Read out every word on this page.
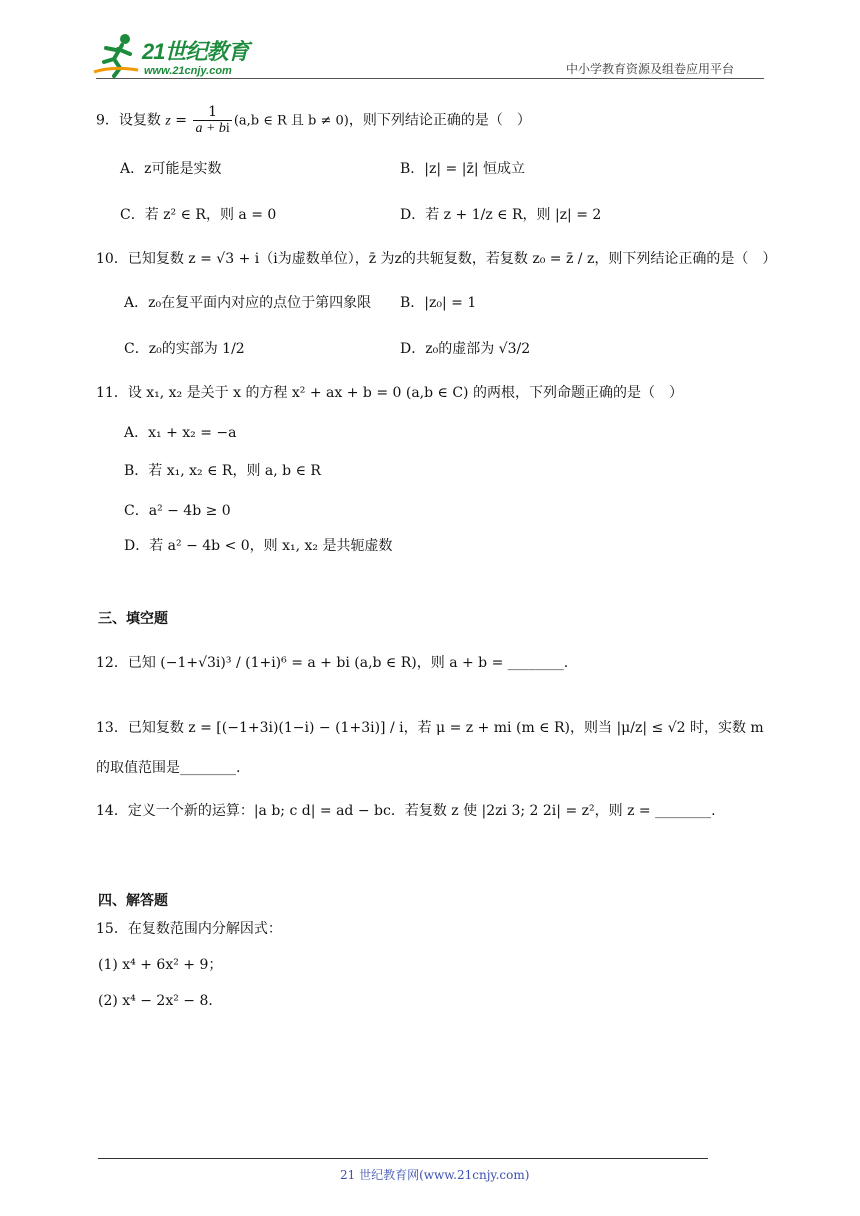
21世纪教育
www.21cnjy.com	中小学教育资源及组卷应用平台
9．设复数 $z = \frac{1}{a + bi} (a,b$ ∈ R 且 b ≠ 0)，则下列结论正确的是（　）
A．z可能是实数	B．|z| = |z̄| 恒成立
C．若 z² ∈ R，则 a = 0	D．若 z + 1/z ∈ R，则 |z| = 2
10．已知复数 z = √3 + i（i为虚数单位），z̄ 为z的共轭复数，若复数 z₀ = z̄ / z，则下列结论正确的是（　）
A．z₀在复平面内对应的点位于第四象限 B．|z₀| = 1
C．z₀的实部为 1/2	D．z₀的虚部为 √3/2
11．设 x₁, x₂ 是关于 x 的方程 x² + ax + b = 0 (a,b ∈ C) 的两根，下列命题正确的是（　）
A．x₁ + x₂ = −a
B．若 x₁, x₂ ∈ R，则 a, b ∈ R
C．a² − 4b ≥ 0
D．若 a² − 4b < 0，则 x₁, x₂ 是共轭虚数
三、填空题
12．已知 (−1+√3i)³ / (1+i)⁶ = a + bi (a,b ∈ R)，则 a + b = ________.
13．已知复数 z = [(−1+3i)(1−i) − (1+3i)] / i，若 μ = z + mi (m ∈ R)，则当 |μ/z| ≤ √2 时，实数 m 的取值范围是________.
14．定义一个新的运算：|a b; c d| = ad − bc．若复数 z 使 |2zi 3; 2 2i| = z²，则 z = ________.
四、解答题
15．在复数范围内分解因式：
(1) x⁴ + 6x² + 9；
(2) x⁴ − 2x² − 8．
21 世纪教育网(www.21cnjy.com)
